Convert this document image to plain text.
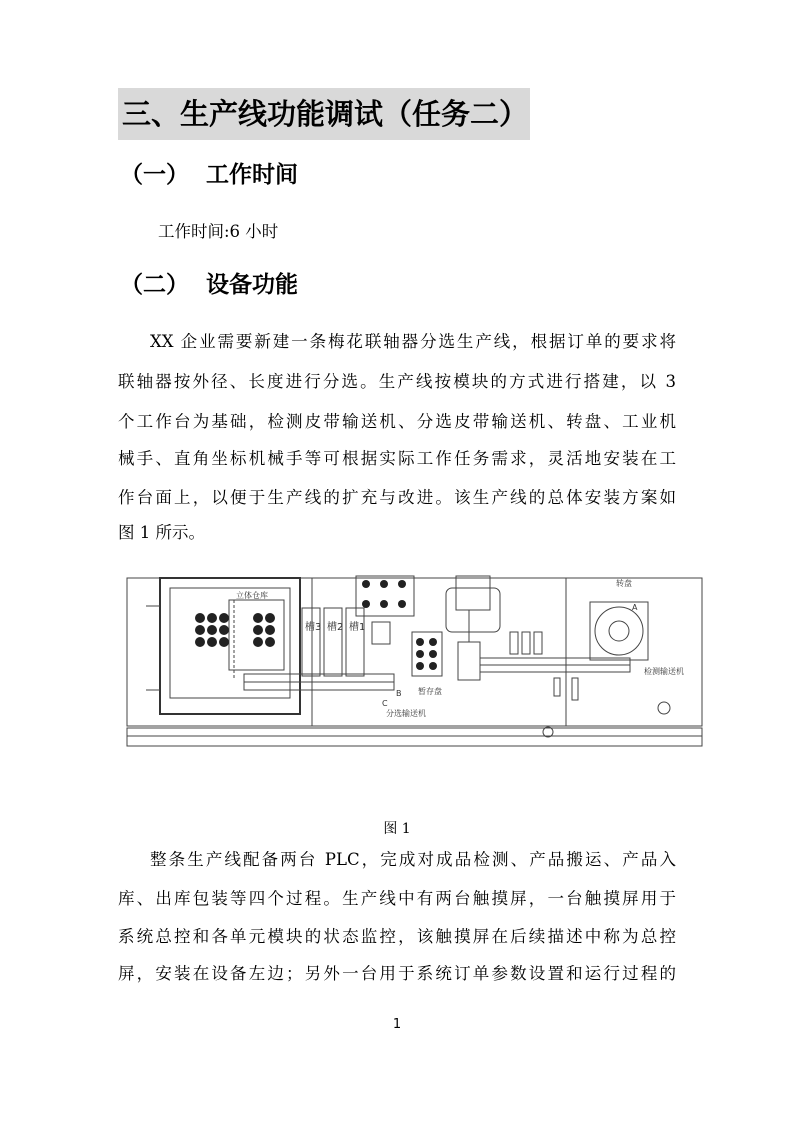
三、生产线功能调试（任务二）
（一） 工作时间
工作时间:6 小时
（二） 设备功能
XX 企业需要新建一条梅花联轴器分选生产线，根据订单的要求将
联轴器按外径、长度进行分选。生产线按模块的方式进行搭建，以 3
个工作台为基础，检测皮带输送机、分选皮带输送机、转盘、工业机
械手、直角坐标机械手等可根据实际工作任务需求，灵活地安装在工
作台面上，以便于生产线的扩充与改进。该生产线的总体安装方案如
图 1 所示。
立体仓库
槽3 槽2 槽1
分选输送机
暂存盘
转盘
检测输送机
A
B
C
图 1
整条生产线配备两台 PLC，完成对成品检测、产品搬运、产品入
库、出库包装等四个过程。生产线中有两台触摸屏，一台触摸屏用于
系统总控和各单元模块的状态监控，该触摸屏在后续描述中称为总控
屏，安装在设备左边；另外一台用于系统订单参数设置和运行过程的
1
